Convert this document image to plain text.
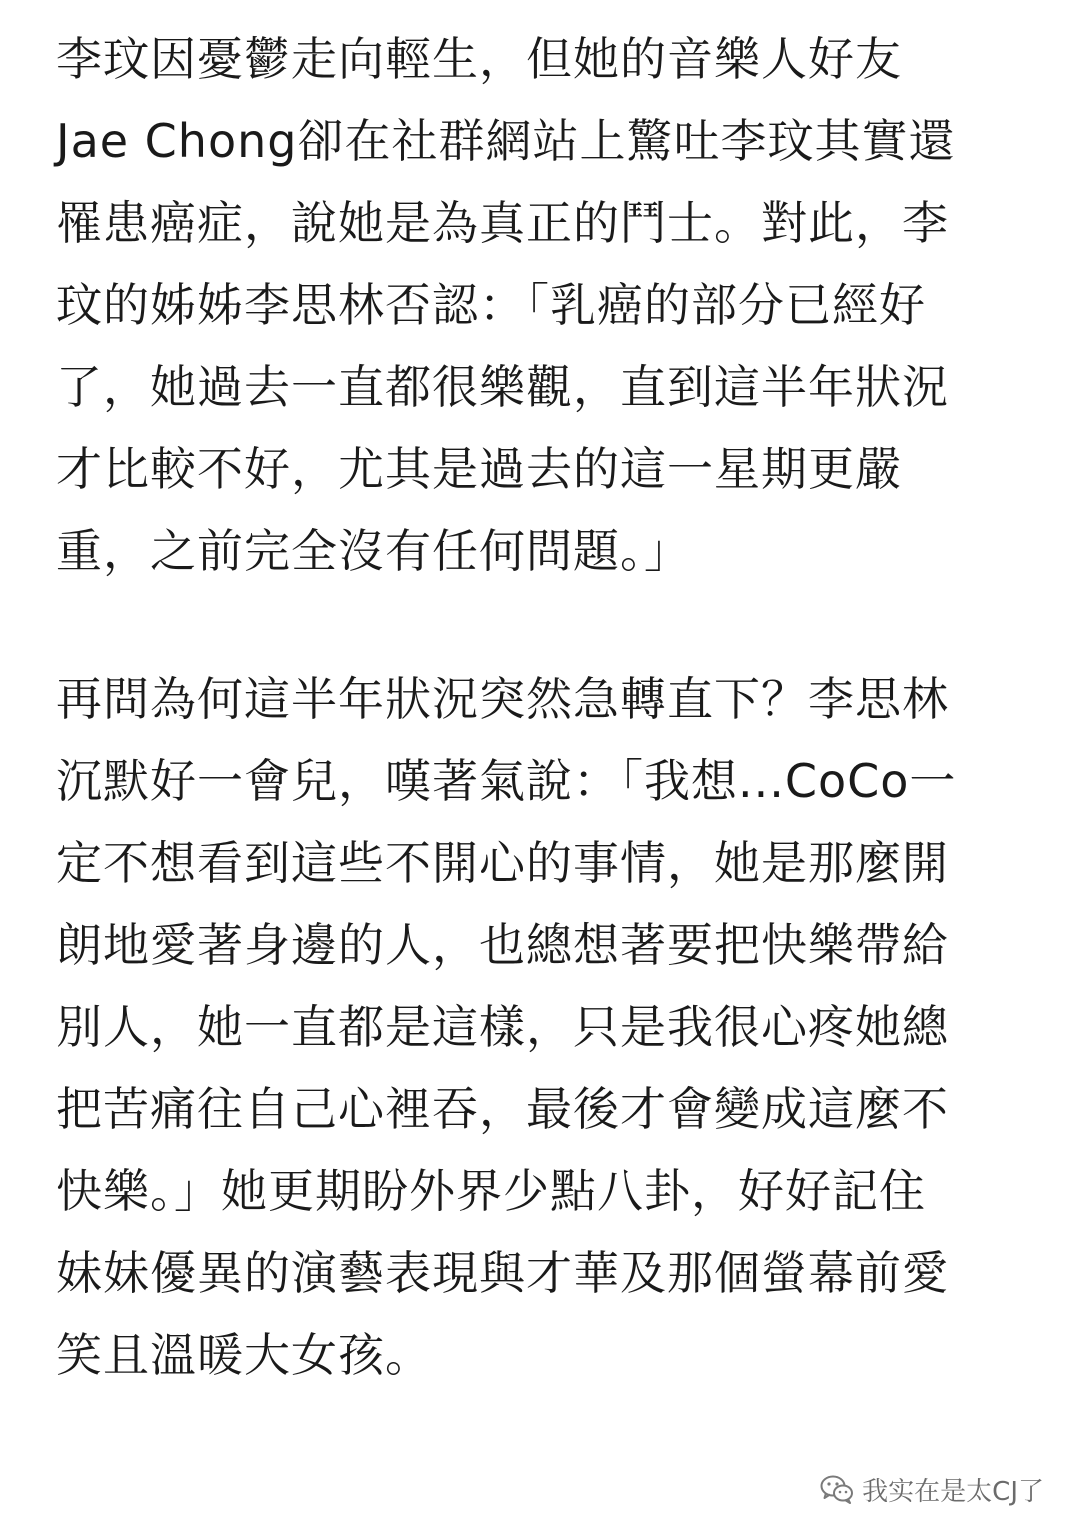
李玟因憂鬱走向輕生，但她的音樂人好友
Jae Chong卻在社群網站上驚吐李玟其實還
罹患癌症，說她是為真正的鬥士。對此，李
玟的姊姊李思林否認：「乳癌的部分已經好
了，她過去一直都很樂觀，直到這半年狀況
才比較不好，尤其是過去的這一星期更嚴
重，之前完全沒有任何問題。」
再問為何這半年狀況突然急轉直下？李思林
沉默好一會兒，嘆著氣說：「我想...CoCo一
定不想看到這些不開心的事情，她是那麼開
朗地愛著身邊的人，也總想著要把快樂帶給
別人，她一直都是這樣，只是我很心疼她總
把苦痛往自己心裡吞，最後才會變成這麼不
快樂。」她更期盼外界少點八卦，好好記住
妹妹優異的演藝表現與才華及那個螢幕前愛
笑且溫暖大女孩。
我实在是太CJ了
